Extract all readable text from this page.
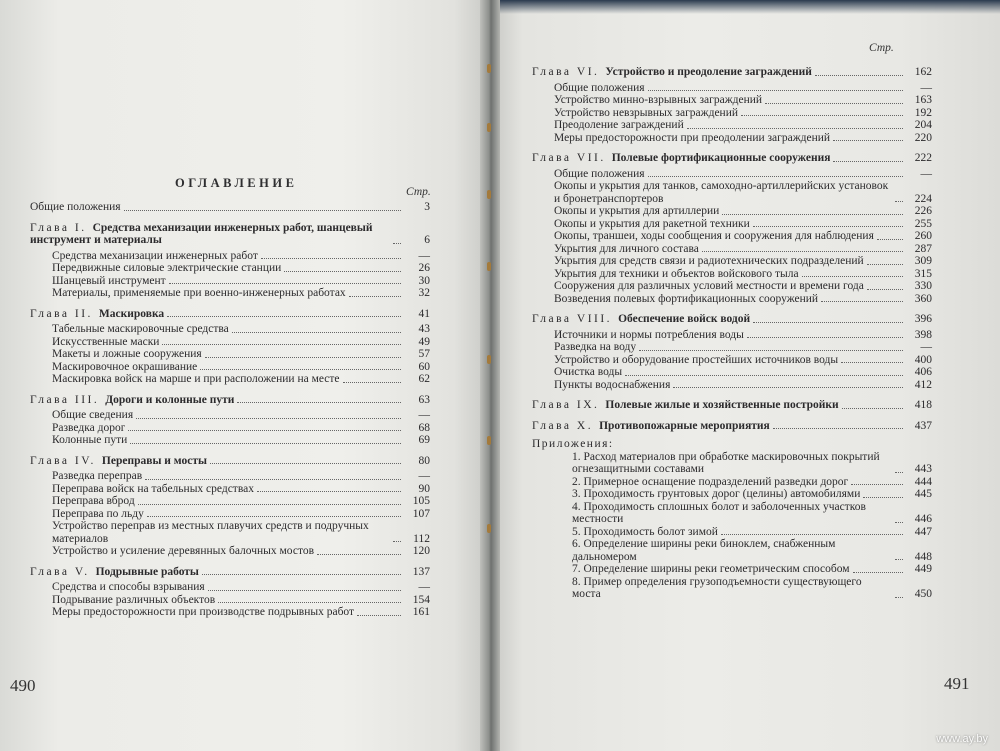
ОГЛАВЛЕНИЕ
Стр.
Общие положения	3
Глава I. Средства механизации инженерных работ, шанцевый инструмент и материалы	6
Средства механизации инженерных работ	—
Передвижные силовые электрические станции	26
Шанцевый инструмент	30
Материалы, применяемые при военно-инженерных работах	32
Глава II. Маскировка	41
Табельные маскировочные средства	43
Искусственные маски	49
Макеты и ложные сооружения	57
Маскировочное окрашивание	60
Маскировка войск на марше и при расположении на месте	62
Глава III. Дороги и колонные пути	63
Общие сведения	—
Разведка дорог	68
Колонные пути	69
Глава IV. Переправы и мосты	80
Разведка переправ	—
Переправа войск на табельных средствах	90
Переправа вброд	105
Переправа по льду	107
Устройство переправ из местных плавучих средств и подручных материалов	112
Устройство и усиление деревянных балочных мостов	120
Глава V. Подрывные работы	137
Средства и способы взрывания	—
Подрывание различных объектов	154
Меры предосторожности при производстве подрывных работ	161
490
Стр.
Глава VI. Устройство и преодоление заграждений	162
Общие положения	—
Устройство минно-взрывных заграждений	163
Устройство невзрывных заграждений	192
Преодоление заграждений	204
Меры предосторожности при преодолении заграждений	220
Глава VII. Полевые фортификационные сооружения	222
Общие положения	—
Окопы и укрытия для танков, самоходно-артиллерийских установок и бронетранспортеров	224
Окопы и укрытия для артиллерии	226
Окопы и укрытия для ракетной техники	255
Окопы, траншеи, ходы сообщения и сооружения для наблюдения	260
Укрытия для личного состава	287
Укрытия для средств связи и радиотехнических подразделений	309
Укрытия для техники и объектов войскового тыла	315
Сооружения для различных условий местности и времени года	330
Возведения полевых фортификационных сооружений	360
Глава VIII. Обеспечение войск водой	396
Источники и нормы потребления воды	398
Разведка на воду	—
Устройство и оборудование простейших источников воды	400
Очистка воды	406
Пункты водоснабжения	412
Глава IX. Полевые жилые и хозяйственные постройки	418
Глава X. Противопожарные мероприятия	437
Приложения:
1. Расход материалов при обработке маскировочных покрытий огнезащитными составами	443
2. Примерное оснащение подразделений разведки дорог	444
3. Проходимость грунтовых дорог (целины) автомобилями	445
4. Проходимость сплошных болот и заболоченных участков местности	446
5. Проходимость болот зимой	447
6. Определение ширины реки биноклем, снабженным дальномером	448
7. Определение ширины реки геометрическим способом	449
8. Пример определения грузоподъемности существующего моста	450
491
www.ay.by
